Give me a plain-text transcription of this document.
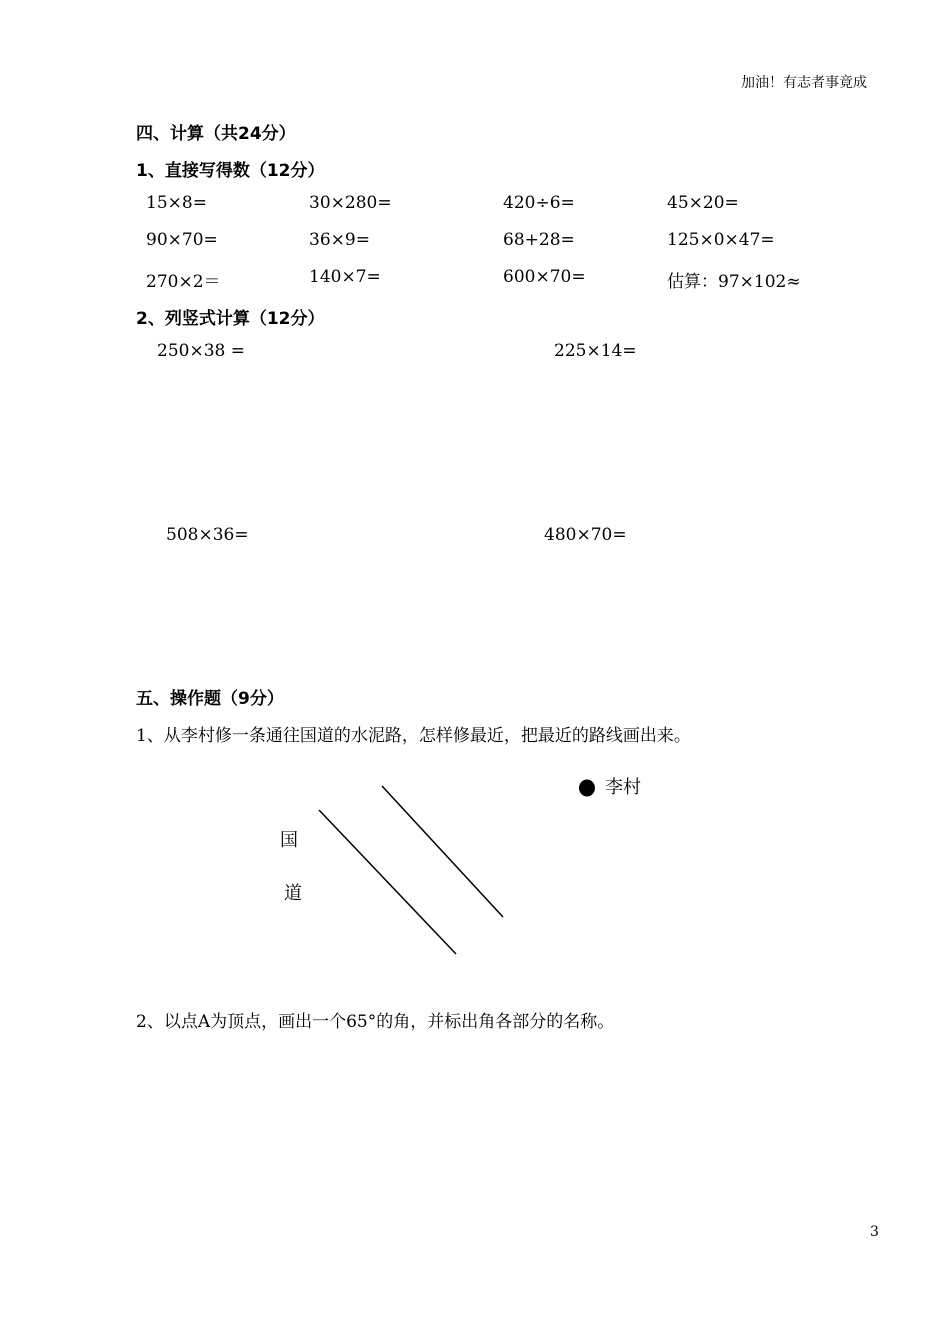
加油！有志者事竟成
四、计算（共24分）
1、直接写得数（12分）
15×8=	30×280=	420÷6=	45×20=
90×70=	36×9=	68+28=	125×0×47=
270×2＝	140×7=	600×70=	估算：97×102≈
2、列竖式计算（12分）
250×38 =	225×14=
508×36=	480×70=
五、操作题（9分）
1、从李村修一条通往国道的水泥路，怎样修最近，把最近的路线画出来。
李村
国
道
2、以点A为顶点，画出一个65°的角，并标出角各部分的名称。
3
